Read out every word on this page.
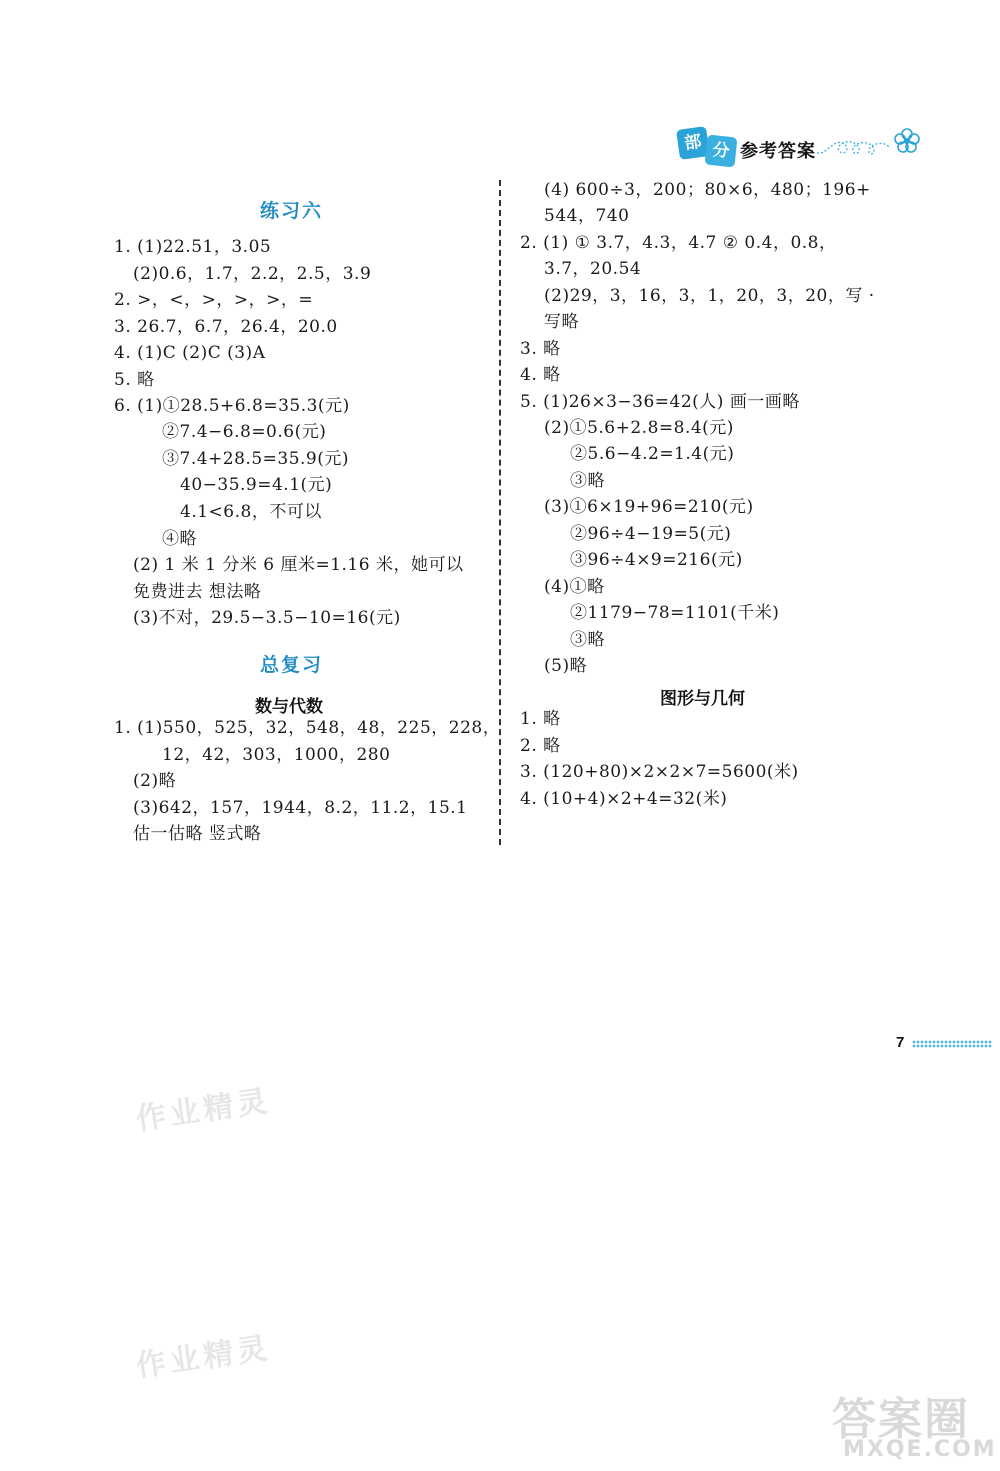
部 分 参考答案
练习六
1. (1)22.51，3.05
(2)0.6，1.7，2.2，2.5，3.9
2. >，<，>，>，>，=
3. 26.7，6.7，26.4，20.0
4. (1)C (2)C (3)A
5. 略
6. (1)①28.5+6.8=35.3(元)
②7.4−6.8=0.6(元)
③7.4+28.5=35.9(元)
40−35.9=4.1(元)
4.1<6.8，不可以
④略
(2) 1 米 1 分米 6 厘米=1.16 米，她可以
免费进去 想法略
(3)不对，29.5−3.5−10=16(元)
总复习
数与代数
1. (1)550，525，32，548，48，225，228，
12，42，303，1000，280
(2)略
(3)642，157，1944，8.2，11.2，15.1
估一估略 竖式略
(4) 600÷3，200；80×6，480；196+
544，740
2. (1) ① 3.7，4.3，4.7 ② 0.4，0.8，
3.7，20.54
(2)29，3，16，3，1，20，3，20，写 ·
写略
3. 略
4. 略
5. (1)26×3−36=42(人) 画一画略
(2)①5.6+2.8=8.4(元)
②5.6−4.2=1.4(元)
③略
(3)①6×19+96=210(元)
②96÷4−19=5(元)
③96÷4×9=216(元)
(4)①略
②1179−78=1101(千米)
③略
(5)略
图形与几何
1. 略
2. 略
3. (120+80)×2×2×7=5600(米)
4. (10+4)×2+4=32(米)
作业精灵
作业精灵
7
答案圈
MXQE.COM
